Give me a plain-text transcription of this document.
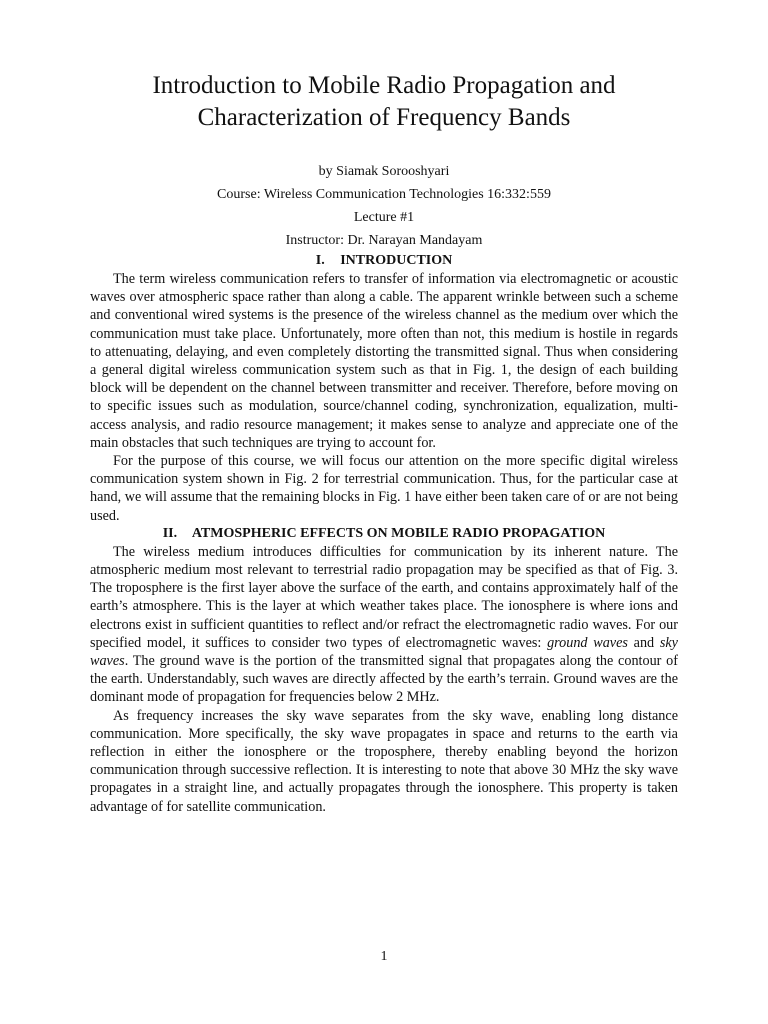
Introduction to Mobile Radio Propagation and
Characterization of Frequency Bands

by Siamak Sorooshyari

Course: Wireless Communication Technologies 16:332:559

Lecture #1

Instructor: Dr. Narayan Mandayam

I. INTRODUCTION

The term wireless communication refers to transfer of information via electromagnetic or acoustic waves over atmospheric space rather than along a cable. The apparent wrinkle between such a scheme and conventional wired systems is the presence of the wireless channel as the medium over which the communication must take place. Unfortunately, more often than not, this medium is hostile in regards to attenuating, delaying, and even completely distorting the transmitted signal. Thus when considering a general digital wireless communication system such as that in Fig. 1, the design of each building block will be dependent on the channel between transmitter and receiver. Therefore, before moving on to specific issues such as modulation, source/channel coding, synchronization, equalization, multi-access analysis, and radio resource management; it makes sense to analyze and appreciate one of the main obstacles that such techniques are trying to account for.

For the purpose of this course, we will focus our attention on the more specific digital wireless communication system shown in Fig. 2 for terrestrial communication. Thus, for the particular case at hand, we will assume that the remaining blocks in Fig. 1 have either been taken care of or are not being used.

II. ATMOSPHERIC EFFECTS ON MOBILE RADIO PROPAGATION

The wireless medium introduces difficulties for communication by its inherent nature. The atmospheric medium most relevant to terrestrial radio propagation may be specified as that of Fig. 3. The troposphere is the first layer above the surface of the earth, and contains approximately half of the earth’s atmosphere. This is the layer at which weather takes place. The ionosphere is where ions and electrons exist in sufficient quantities to reflect and/or refract the electromagnetic radio waves. For our specified model, it suffices to consider two types of electromagnetic waves: ground waves and sky waves. The ground wave is the portion of the transmitted signal that propagates along the contour of the earth. Understandably, such waves are directly affected by the earth’s terrain. Ground waves are the dominant mode of propagation for frequencies below 2 MHz.

As frequency increases the sky wave separates from the sky wave, enabling long distance communication. More specifically, the sky wave propagates in space and returns to the earth via reflection in either the ionosphere or the troposphere, thereby enabling beyond the horizon communication through successive reflection. It is interesting to note that above 30 MHz the sky wave propagates in a straight line, and actually propagates through the ionosphere. This property is taken advantage of for satellite communication.

1
